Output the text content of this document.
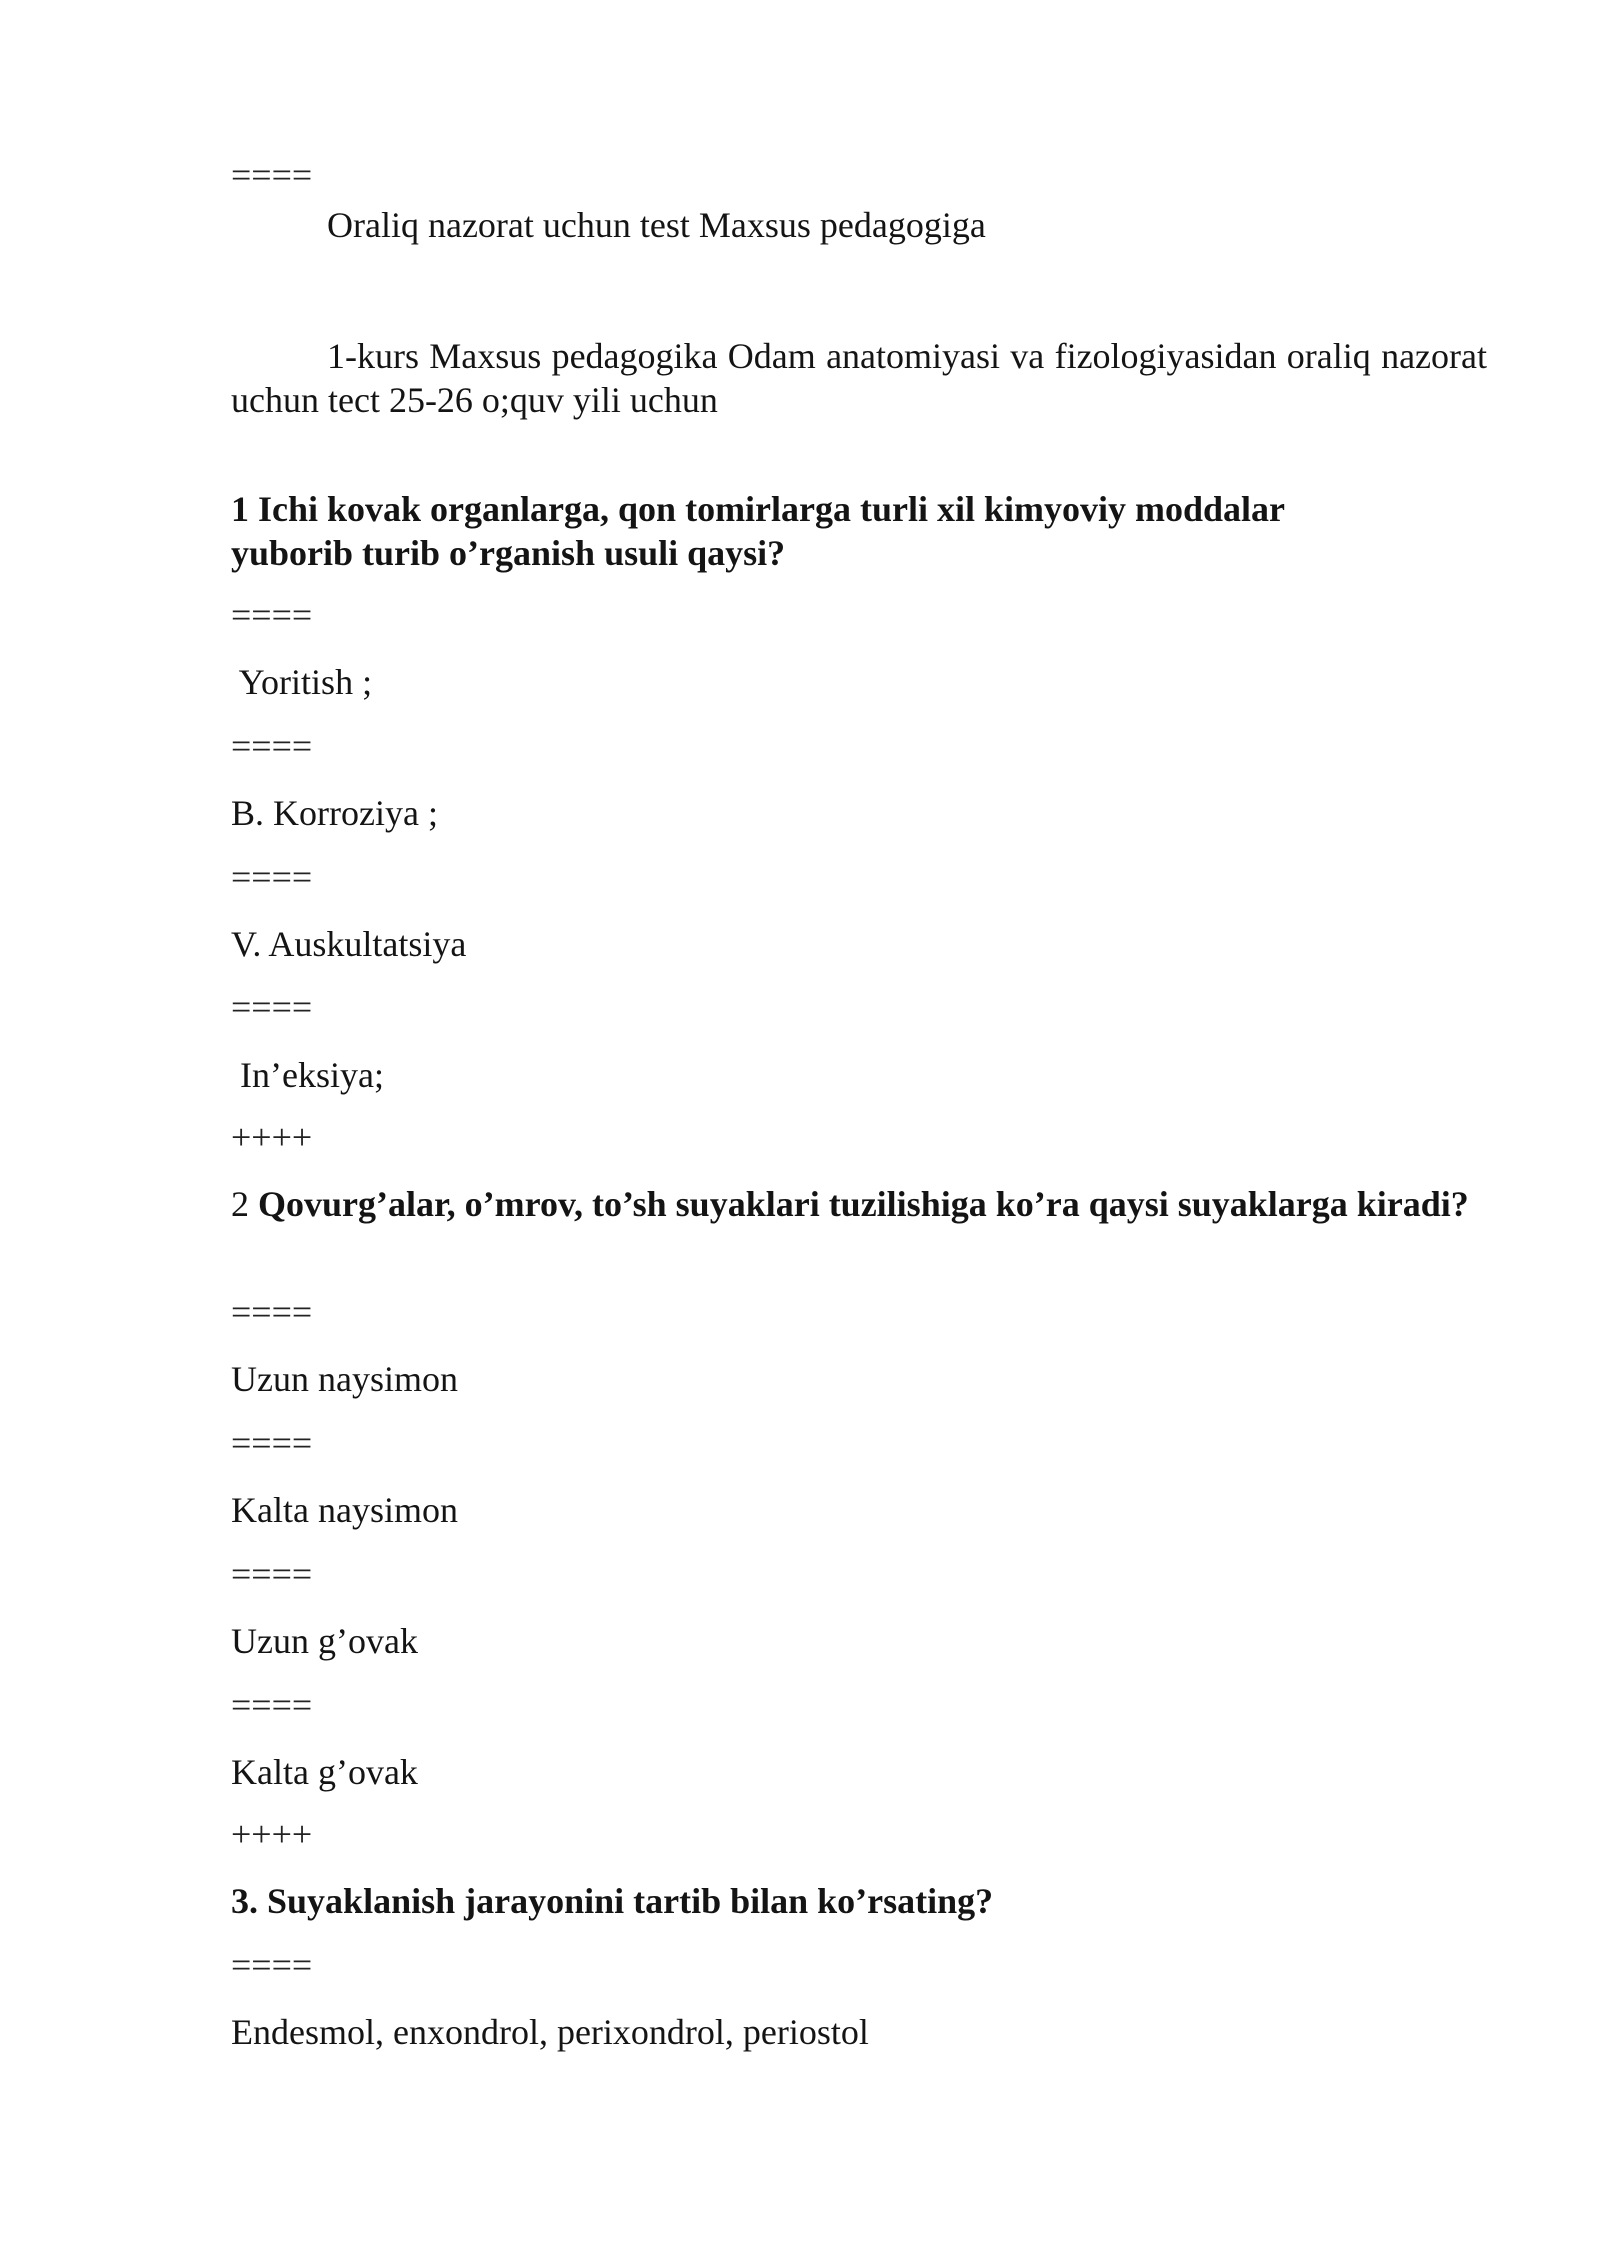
====
Oraliq nazorat uchun test Maxsus pedagogiga
1-kurs Maxsus pedagogika Odam anatomiyasi va fizologiyasidan oraliq nazorat uchun tect 25-26 o;quv yili uchun
1 Ichi kovak organlarga, qon tomirlarga turli xil kimyoviy moddalar
yuborib turib o’rganish usuli qaysi?
====
Yoritish ;
====
B. Korroziya ;
====
V. Auskultatsiya
====
In’eksiya;
++++
2 Qovurg’alar, o’mrov, to’sh suyaklari tuzilishiga ko’ra qaysi suyaklarga kiradi?
====
Uzun naysimon
====
Kalta naysimon
====
Uzun g’ovak
====
Kalta g’ovak
++++
3. Suyaklanish jarayonini tartib bilan ko’rsating?
====
Endesmol, enxondrol, perixondrol, periostol
